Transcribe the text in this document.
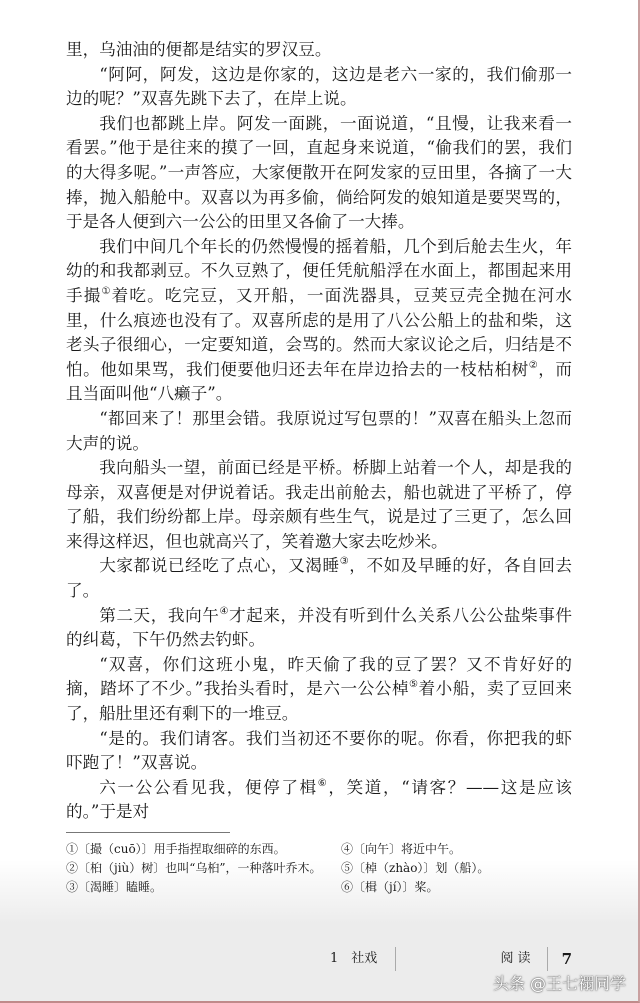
里，乌油油的便都是结实的罗汉豆。

“阿阿，阿发，这边是你家的，这边是老六一家的，我们偷那一边的呢？”双喜先跳下去了，在岸上说。

我们也都跳上岸。阿发一面跳，一面说道，“且慢，让我来看一看罢。”他于是往来的摸了一回，直起身来说道，“偷我们的罢，我们的大得多呢。”一声答应，大家便散开在阿发家的豆田里，各摘了一大捧，抛入船舱中。双喜以为再多偷，倘给阿发的娘知道是要哭骂的，于是各人便到六一公公的田里又各偷了一大捧。

我们中间几个年长的仍然慢慢的摇着船，几个到后舱去生火，年幼的和我都剥豆。不久豆熟了，便任凭航船浮在水面上，都围起来用手撮①着吃。吃完豆，又开船，一面洗器具，豆荚豆壳全抛在河水里，什么痕迹也没有了。双喜所虑的是用了八公公船上的盐和柴，这老头子很细心，一定要知道，会骂的。然而大家议论之后，归结是不怕。他如果骂，我们便要他归还去年在岸边拾去的一枝枯桕树②，而且当面叫他“八癞子”。

“都回来了！那里会错。我原说过写包票的！”双喜在船头上忽而大声的说。

我向船头一望，前面已经是平桥。桥脚上站着一个人，却是我的母亲，双喜便是对伊说着话。我走出前舱去，船也就进了平桥了，停了船，我们纷纷都上岸。母亲颇有些生气，说是过了三更了，怎么回来得这样迟，但也就高兴了，笑着邀大家去吃炒米。

大家都说已经吃了点心，又渴睡③，不如及早睡的好，各自回去了。

第二天，我向午④才起来，并没有听到什么关系八公公盐柴事件的纠葛，下午仍然去钓虾。

“双喜，你们这班小鬼，昨天偷了我的豆了罢？又不肯好好的摘，踏坏了不少。”我抬头看时，是六一公公棹⑤着小船，卖了豆回来了，船肚里还有剩下的一堆豆。

“是的。我们请客。我们当初还不要你的呢。你看，你把我的虾吓跑了！”双喜说。

六一公公看见我，便停了楫⑥，笑道，“请客？——这是应该的。”于是对

①〔撮（cuō）〕用手指捏取细碎的东西。
②〔桕（jiù）树〕也叫“乌桕”，一种落叶乔木。
③〔渴睡〕瞌睡。
④〔向午〕将近中午。
⑤〔棹（zhào）〕划（船）。
⑥〔楫（jí）〕桨。
1　社戏	阅读 7
头条 @王七禤同学
